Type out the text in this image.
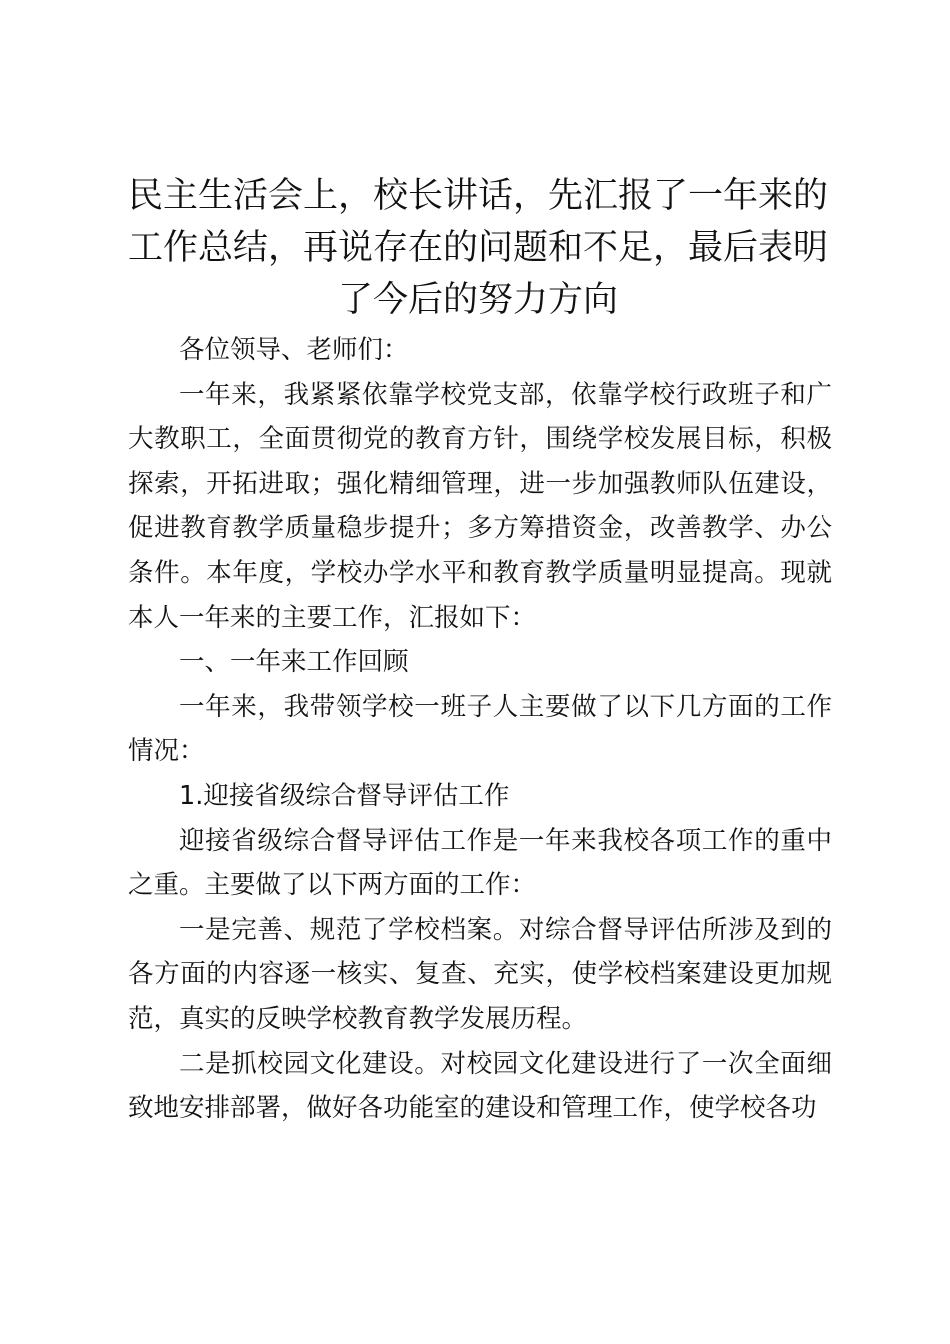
民主生活会上，校长讲话，先汇报了一年来的工作总结，再说存在的问题和不足，最后表明了今后的努力方向

各位领导、老师们：

一年来，我紧紧依靠学校党支部，依靠学校行政班子和广大教职工，全面贯彻党的教育方针，围绕学校发展目标，积极探索，开拓进取；强化精细管理，进一步加强教师队伍建设，促进教育教学质量稳步提升；多方筹措资金，改善教学、办公条件。本年度，学校办学水平和教育教学质量明显提高。现就本人一年来的主要工作，汇报如下：

一、一年来工作回顾

一年来，我带领学校一班子人主要做了以下几方面的工作情况：

1.迎接省级综合督导评估工作

迎接省级综合督导评估工作是一年来我校各项工作的重中之重。主要做了以下两方面的工作：

一是完善、规范了学校档案。对综合督导评估所涉及到的各方面的内容逐一核实、复查、充实，使学校档案建设更加规范，真实的反映学校教育教学发展历程。

二是抓校园文化建设。对校园文化建设进行了一次全面细致地安排部署，做好各功能室的建设和管理工作，使学校各功
